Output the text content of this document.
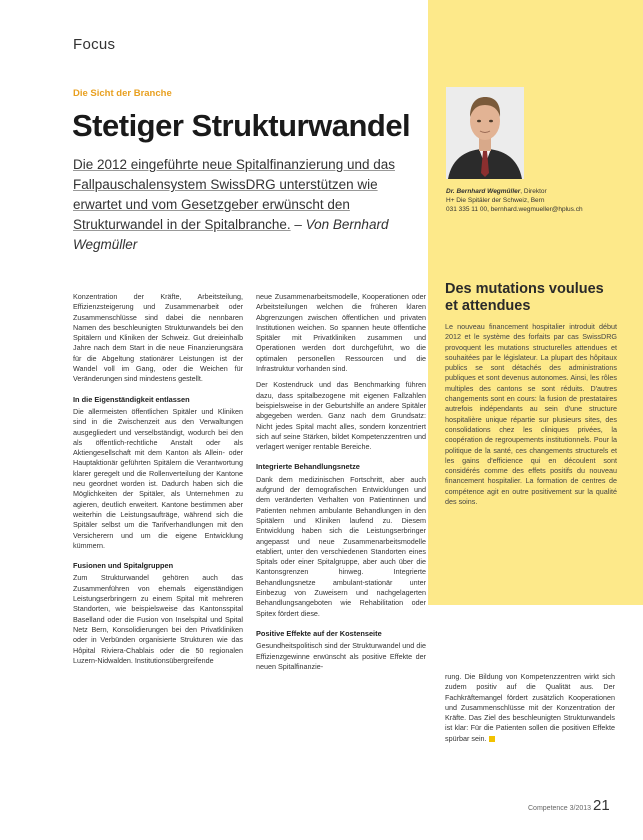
Focus
Die Sicht der Branche
Stetiger Strukturwandel
Die 2012 eingeführte neue Spitalfinanzierung und das Fallpauschalensystem SwissDRG unterstützen wie erwartet und vom Gesetzgeber erwünscht den Strukturwandel in der Spitalbranche. – Von Bernhard Wegmüller
Dr. Bernhard Wegmüller, Direktor
H+ Die Spitäler der Schweiz, Bern
031 335 11 00, bernhard.wegmueller@hplus.ch

Konzentration der Kräfte, Arbeitsteilung, Effizienzsteigerung und Zusammenarbeit oder Zusammenschlüsse sind dabei die nennbaren Namen des beschleunigten Strukturwandels bei den Spitälern und Kliniken der Schweiz. Gut dreieinhalb Jahre nach dem Start in die neue Finanzierungsära für die Abgeltung stationärer Leistungen ist der Wandel voll im Gang, oder die Weichen für Veränderungen sind mindestens gestellt.

In die Eigenständigkeit entlassen

Die allermeisten öffentlichen Spitäler und Kliniken sind in die Zwischenzeit aus den Verwaltungen ausgegliedert und verselbständigt, wodurch bei den als öffentlich-rechtliche Anstalt oder als Aktiengesellschaft mit dem Kanton als Allein- oder Hauptaktionär geführten Spitälern die Verantwortung klarer geregelt und die Rollenverteilung der Kantone neu geordnet worden ist. Dadurch haben sich die Möglichkeiten der Spitäler, als Unternehmen zu agieren, deutlich erweitert. Kantone bestimmen aber weiterhin die Leistungsaufträge, während sich die Spitäler selbst um die Tarifverhandlungen mit den Versicherern und um die eigene Entwicklung kümmern.

Fusionen und Spitalgruppen

Zum Strukturwandel gehören auch das Zusammenführen von ehemals eigenständigen Leistungserbringern zu einem Spital mit mehreren Standorten, wie beispielsweise das Kantonsspital Baselland oder die Fusion von Inselspital und Spital Netz Bern, Konsolidierungen bei den Privatkliniken oder in Verbünden organisierte Strukturen wie das Hôpital Riviera-Chablais oder die 50 regionalen Luzern-Nidwalden. Institutionsübergreifende

neue Zusammenarbeitsmodelle, Kooperationen oder Arbeitsteilungen welchen die früheren klaren Abgrenzungen zwischen öffentlichen und privaten Institutionen weichen. So spannen heute öffentliche Spitäler mit Privatkliniken zusammen und Operationen werden dort durchgeführt, wo die optimalen personellen Ressourcen und die Infrastruktur vorhanden sind.

Der Kostendruck und das Benchmarking führen dazu, dass spitalbezogene mit eigenen Fallzahlen beispielsweise in der Geburtshilfe an andere Spitäler abgegeben werden. Ganz nach dem Grundsatz: Nicht jedes Spital macht alles, sondern konzentriert sich auf seine Stärken, bildet Kompetenzzentren und verlagert weniger rentable Bereiche.

Integrierte Behandlungsnetze

Dank dem medizinischen Fortschritt, aber auch aufgrund der demografischen Entwicklungen und dem veränderten Verhalten von Patientinnen und Patienten nehmen ambulante Behandlungen in den Spitälern und Kliniken laufend zu. Diesem Entwicklung haben sich die Leistungserbringer angepasst und neue Zusammenarbeitsmodelle etabliert, unter den verschiedenen Standorten eines Spitals oder einer Spitalgruppe, aber auch über die Kantonsgrenzen hinweg. Integrierte Behandlungsnetze ambulant-stationär unter Einbezug von Zuweisern und nachgelagerten Behandlungsangeboten wie Rehabilitation oder Spitex fördert diese.

Positive Effekte auf der Kostenseite

Gesundheitspolitisch sind der Strukturwandel und die Effizienzgewinne erwünscht als positive Effekte der neuen Spitalfinanzie-

Des mutations voulues et attendues
Le nouveau financement hospitalier introduit début 2012 et le système des forfaits par cas SwissDRG provoquent les mutations structurelles attendues et souhaitées par le législateur. La plupart des hôpitaux publics se sont détachés des administrations publiques et sont devenus autonomes. Ainsi, les rôles multiples des cantons se sont réduits. D'autres changements sont en cours: la fusion de prestataires autrefois indépendants au sein d'une structure hospitalière unique répartie sur plusieurs sites, des consolidations chez les cliniques privées, la coopération de regroupements institutionnels. Pour la politique de la santé, ces changements structurels et les gains d'efficience qui en découlent sont considérés comme des effets positifs du nouveau financement hospitalier. La formation de centres de compétence agit en outre positivement sur la qualité des soins.

rung. Die Bildung von Kompetenzzentren wirkt sich zudem positiv auf die Qualität aus. Der Fachkräftemangel fördert zusätzlich Kooperationen und Zusammenschlüsse mit der Konzentration der Kräfte. Das Ziel des beschleunigten Strukturwandels ist klar: Für die Patienten sollen die positiven Effekte spürbar sein.

Competence 3/2013 21
